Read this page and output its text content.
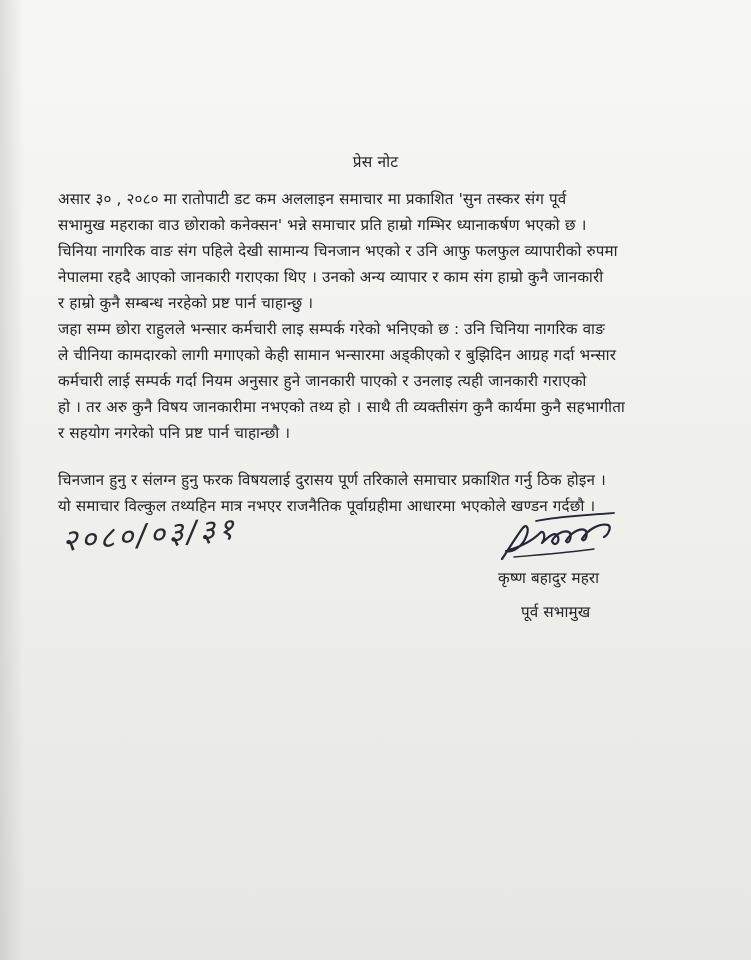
प्रेस नोट
असार ३० , २०८० मा रातोपाटी डट कम अललाइन समाचार मा प्रकाशित 'सुन तस्कर संग पूर्व
सभामुख महराका वाउ छोराको कनेक्सन' भन्ने समाचार प्रति हाम्रो गम्भिर ध्यानाकर्षण भएको छ ।
चिनिया नागरिक वाङ संग पहिले देखी सामान्य चिनजान भएको र उनि आफु फलफुल व्यापारीको रुपमा
नेपालमा रहदै आएको जानकारी गराएका थिए । उनको अन्य व्यापार र काम संग हाम्रो कुनै जानकारी
र हाम्रो कुनै सम्बन्ध नरहेको प्रष्ट पार्न चाहान्छु ।
जहा सम्म छोरा राहुलले भन्सार कर्मचारी लाइ सम्पर्क गरेको भनिएको छ : उनि चिनिया नागरिक वाङ
ले चीनिया कामदारको लागी मगाएको केही सामान भन्सारमा अड्कीएको र बुझिदिन आग्रह गर्दा भन्सार
कर्मचारी लाई सम्पर्क गर्दा नियम अनुसार हुने जानकारी पाएको र उनलाइ त्यही जानकारी गराएको
हो । तर अरु कुनै विषय जानकारीमा नभएको तथ्य हो । साथै ती व्यक्तीसंग कुनै कार्यमा कुनै सहभागीता
र सहयोग नगरेको पनि प्रष्ट पार्न चाहान्छौ ।
चिनजान हुनु र संलग्न हुनु फरक विषयलाई दुरासय पूर्ण तरिकाले समाचार प्रकाशित गर्नु ठिक होइन ।
यो समाचार विल्कुल तथ्यहिन मात्र नभएर राजनैतिक पूर्वाग्रहीमा आधारमा भएकोले खण्डन गर्दछौ ।
२०८०/०३/३१
कृष्ण बहादुर महरा
पूर्व सभामुख
